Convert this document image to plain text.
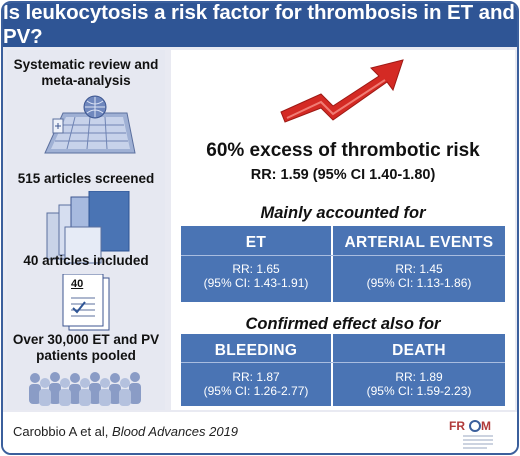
Is leukocytosis a risk factor for thrombosis in ET and PV?
Systematic review and
meta-analysis
515 articles screened
40 articles included
40
Over 30,000 ET and PV
patients pooled
60% excess of thrombotic risk
RR: 1.59 (95% CI 1.40-1.80)
Mainly accounted for
ET
RR: 1.65
(95% CI: 1.43-1.91)
ARTERIAL EVENTS
RR: 1.45
(95% CI: 1.13-1.86)
Confirmed effect also for
BLEEDING
RR: 1.87
(95% CI: 1.26-2.77)
DEATH
RR: 1.89
(95% CI: 1.59-2.23)
Carobbio A et al, Blood Advances 2019	FR M
